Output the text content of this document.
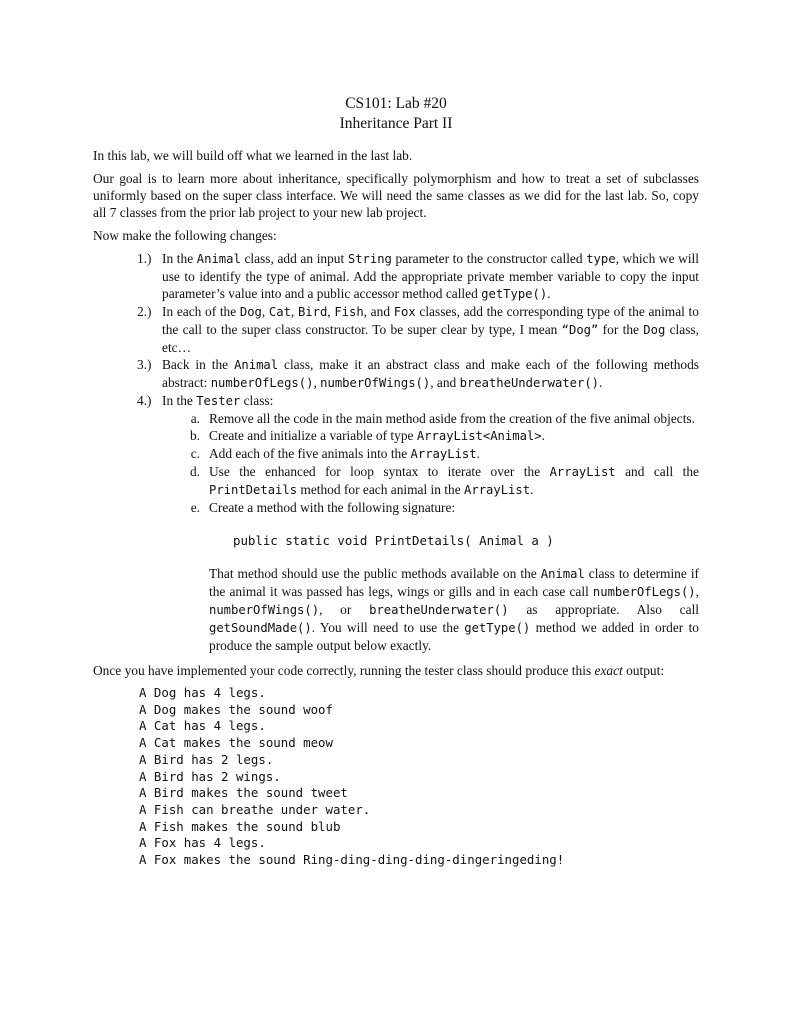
CS101: Lab #20
Inheritance Part II

In this lab, we will build off what we learned in the last lab.

Our goal is to learn more about inheritance, specifically polymorphism and how to treat a set of subclasses uniformly based on the super class interface. We will need the same classes as we did for the last lab. So, copy all 7 classes from the prior lab project to your new lab project.

Now make the following changes:

1.) In the Animal class, add an input String parameter to the constructor called type, which we will use to identify the type of animal. Add the appropriate private member variable to copy the input parameter’s value into and a public accessor method called getType().
2.) In each of the Dog, Cat, Bird, Fish, and Fox classes, add the corresponding type of the animal to the call to the super class constructor. To be super clear by type, I mean “Dog” for the Dog class, etc…
3.) Back in the Animal class, make it an abstract class and make each of the following methods abstract: numberOfLegs(), numberOfWings(), and breatheUnderwater().
4.) In the Tester class:
a. Remove all the code in the main method aside from the creation of the five animal objects.
b. Create and initialize a variable of type ArrayList<Animal>.
c. Add each of the five animals into the ArrayList.
d. Use the enhanced for loop syntax to iterate over the ArrayList and call the PrintDetails method for each animal in the ArrayList.
e. Create a method with the following signature:
public static void PrintDetails( Animal a )
That method should use the public methods available on the Animal class to determine if the animal it was passed has legs, wings or gills and in each case call numberOfLegs(), numberOfWings(), or breatheUnderwater() as appropriate. Also call getSoundMade(). You will need to use the getType() method we added in order to produce the sample output below exactly.

Once you have implemented your code correctly, running the tester class should produce this exact output:

A Dog has 4 legs.
A Dog makes the sound woof
A Cat has 4 legs.
A Cat makes the sound meow
A Bird has 2 legs.
A Bird has 2 wings.
A Bird makes the sound tweet
A Fish can breathe under water.
A Fish makes the sound blub
A Fox has 4 legs.
A Fox makes the sound Ring-ding-ding-ding-dingeringeding!
